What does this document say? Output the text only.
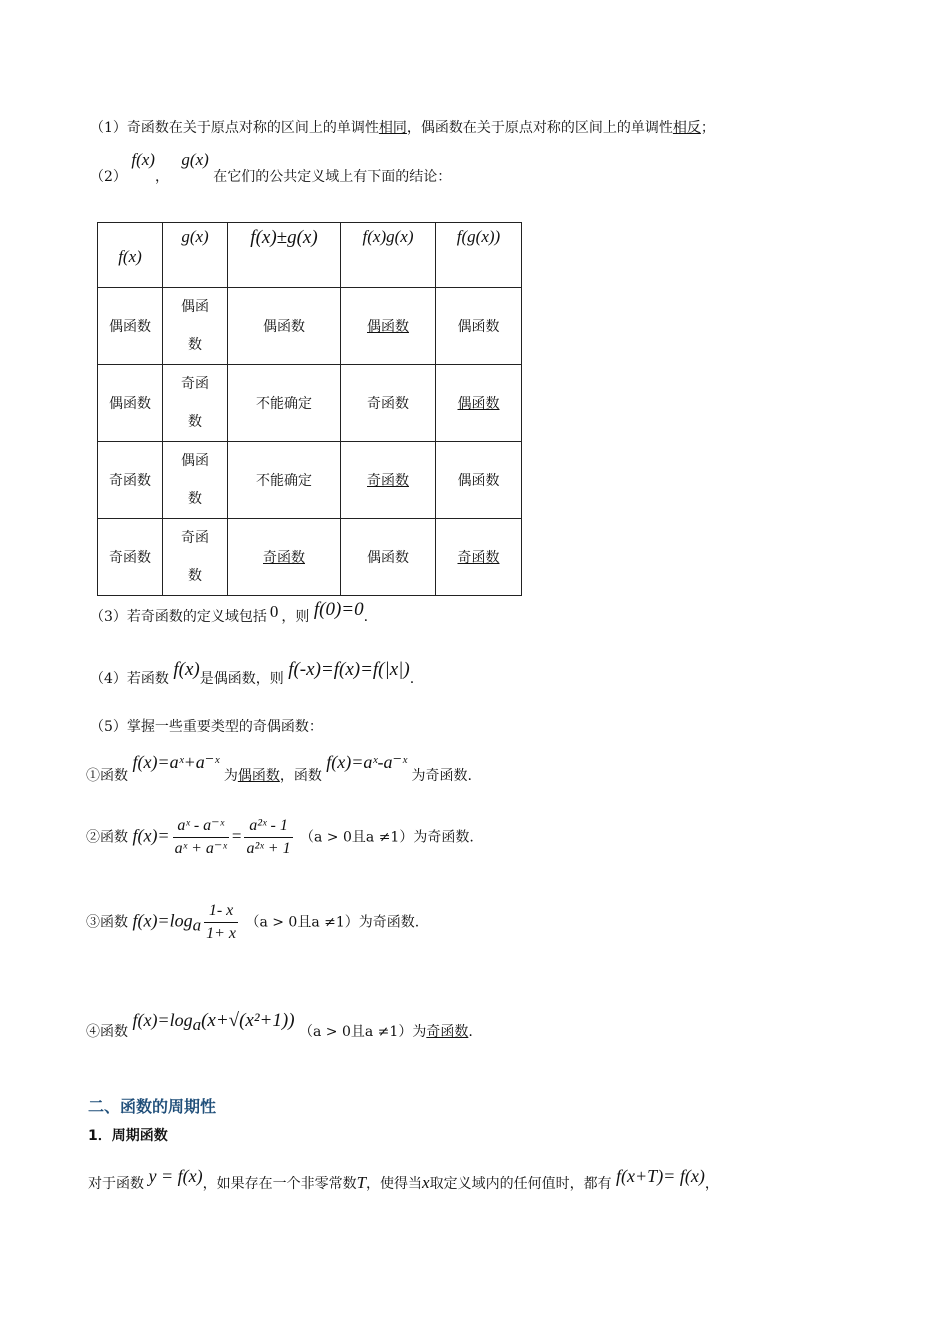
（1）奇函数在关于原点对称的区间上的单调性相同，偶函数在关于原点对称的区间上的单调性相反；
（2） f(x)， g(x) 在它们的公共定义域上有下面的结论：
f(x)	g(x)	f(x)±g(x)	f(x)g(x)	f(g(x))
偶函数	偶函数	偶函数	偶函数	偶函数
偶函数	奇函数	不能确定	奇函数	偶函数
奇函数	偶函数	不能确定	奇函数	偶函数
奇函数	奇函数	奇函数	偶函数	奇函数
（3）若奇函数的定义域包括 0 ，则 f(0)=0.
（4）若函数 f(x)是偶函数，则 f(-x)=f(x)=f(|x|).
（5）掌握一些重要类型的奇偶函数：
①函数 f(x)=aˣ+a⁻ˣ 为偶函数，函数 f(x)=aˣ-a⁻ˣ 为奇函数.
②函数 $f(x)= \frac{\text{aˣ - a⁻ˣ}}{\text{aˣ + a⁻ˣ}} = \frac{\text{a²ˣ - 1}}{\text{a²ˣ + 1}} (a > 0$且a ≠1）为奇函数.
③函数 $f(x)=\log_a \frac{1- x}{1+ x} (a > 0$且a ≠1）为奇函数.
④函数 $f(x)=\log_a(x+√(x^2+1)) (a > 0$且a ≠1）为奇函数.
二、函数的周期性
1．周期函数
对于函数 y = f(x)，如果存在一个非零常数T，使得当x取定义域内的任何值时，都有 f(x+T)= f(x)，
